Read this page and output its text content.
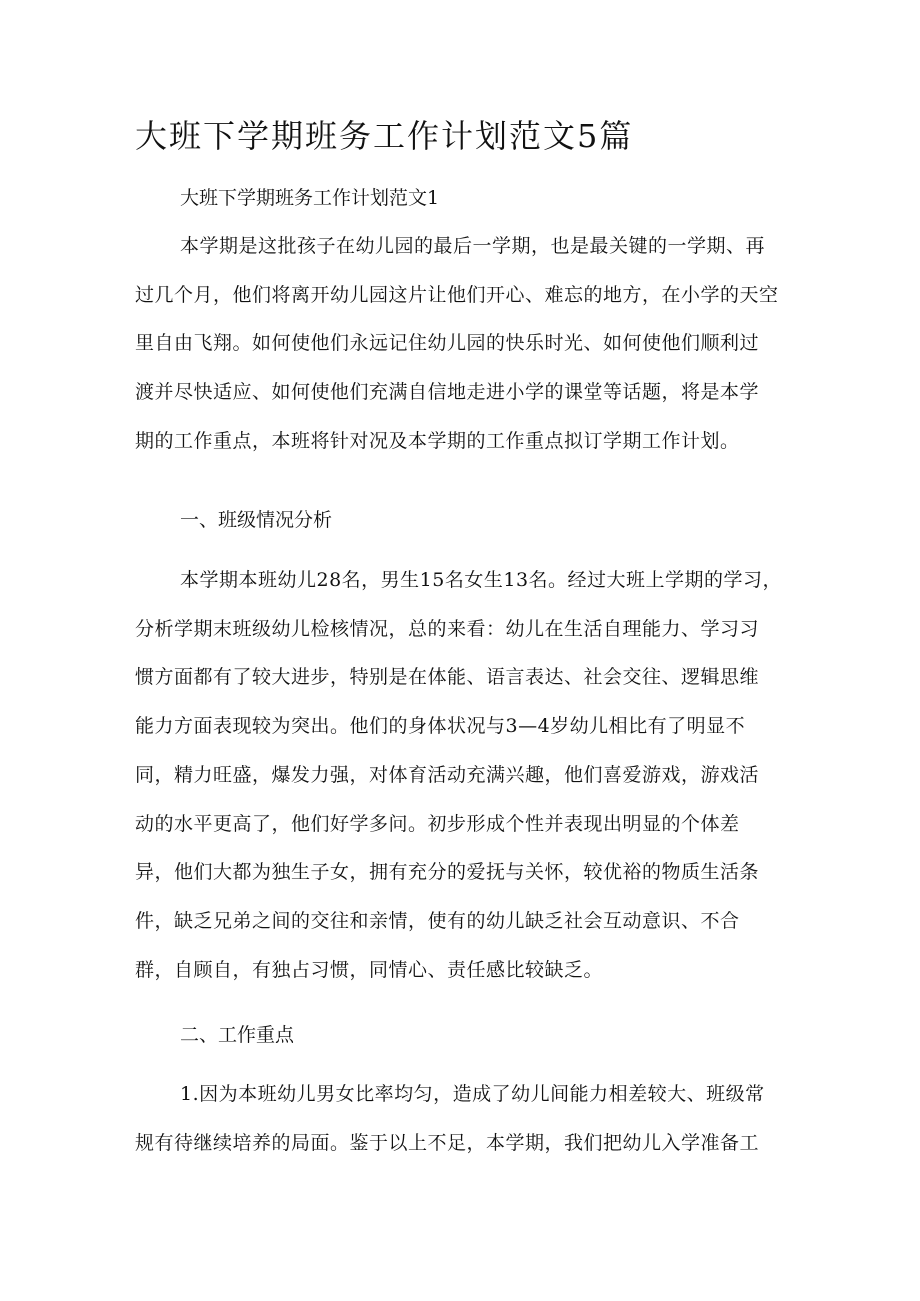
大班下学期班务工作计划范文5篇
大班下学期班务工作计划范文1
本学期是这批孩子在幼儿园的最后一学期，也是最关键的一学期、再
过几个月，他们将离开幼儿园这片让他们开心、难忘的地方，在小学的天空
里自由飞翔。如何使他们永远记住幼儿园的快乐时光、如何使他们顺利过
渡并尽快适应、如何使他们充满自信地走进小学的课堂等话题，将是本学
期的工作重点，本班将针对况及本学期的工作重点拟订学期工作计划。
一、班级情况分析
本学期本班幼儿28名，男生15名女生13名。经过大班上学期的学习，
分析学期末班级幼儿检核情况，总的来看：幼儿在生活自理能力、学习习
惯方面都有了较大进步，特别是在体能、语言表达、社会交往、逻辑思维
能力方面表现较为突出。他们的身体状况与3—4岁幼儿相比有了明显不
同，精力旺盛，爆发力强，对体育活动充满兴趣，他们喜爱游戏，游戏活
动的水平更高了，他们好学多问。初步形成个性并表现出明显的个体差
异，他们大都为独生子女，拥有充分的爱抚与关怀，较优裕的物质生活条
件，缺乏兄弟之间的交往和亲情，使有的幼儿缺乏社会互动意识、不合
群，自顾自，有独占习惯，同情心、责任感比较缺乏。
二、工作重点
1.因为本班幼儿男女比率均匀，造成了幼儿间能力相差较大、班级常
规有待继续培养的局面。鉴于以上不足，本学期，我们把幼儿入学准备工
